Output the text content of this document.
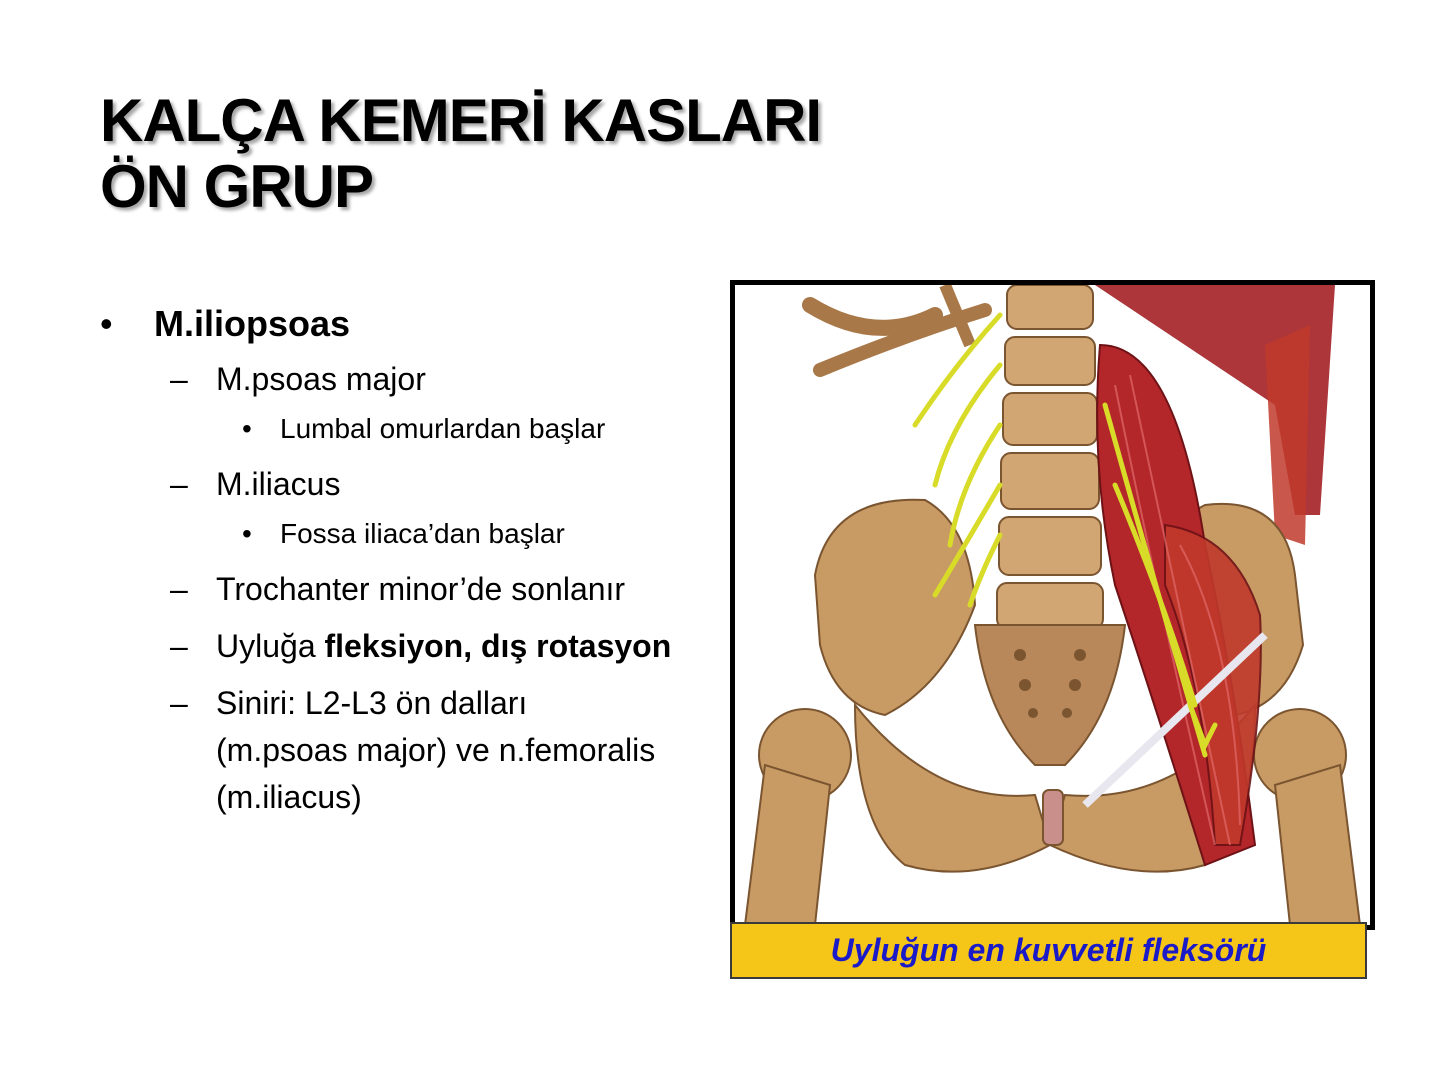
KALÇA KEMERİ KASLARI
ÖN GRUP
• M.iliopsoas
– M.psoas major
• Lumbal omurlardan başlar
– M.iliacus
• Fossa iliaca’dan başlar
– Trochanter minor’de sonlanır
– Uyluğa fleksiyon, dış rotasyon
– Siniri: L2-L3 ön dalları
(m.psoas major) ve n.femoralis
(m.iliacus)
Uyluğun en kuvvetli fleksörü
